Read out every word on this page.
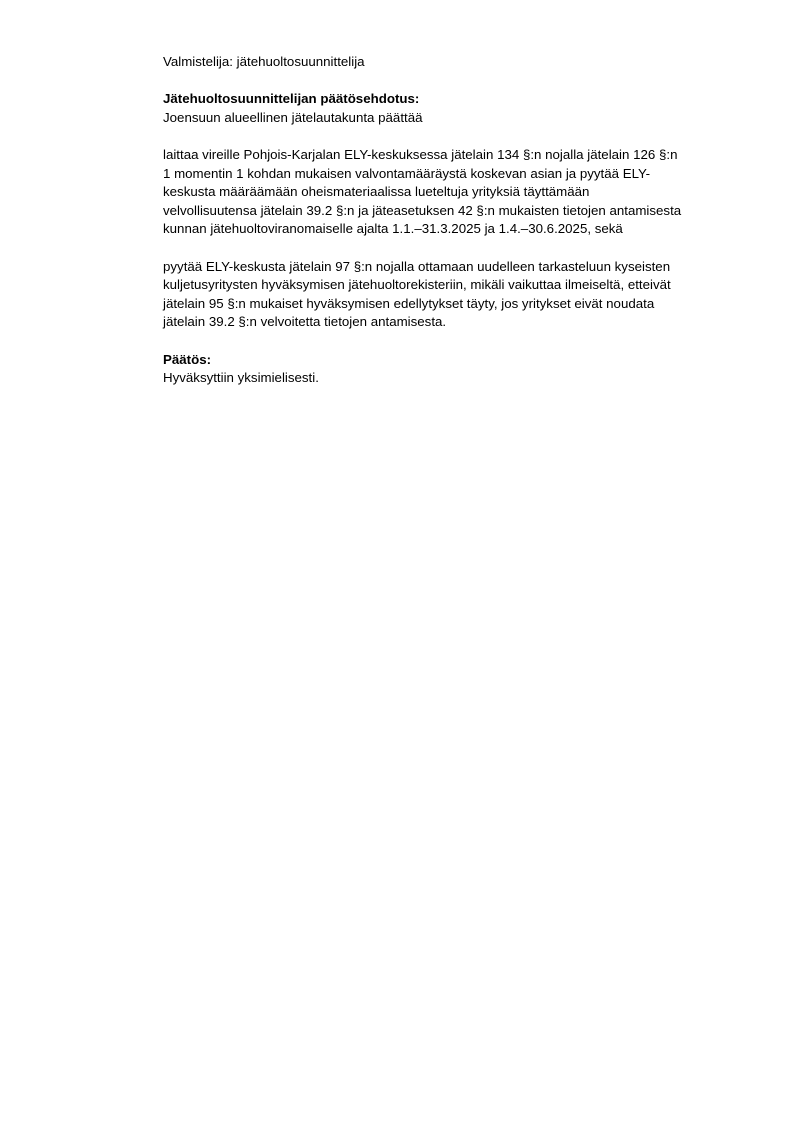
Valmistelija: jätehuoltosuunnittelija
Jätehuoltosuunnittelijan päätösehdotus:
Joensuun alueellinen jätelautakunta päättää
laittaa vireille Pohjois-Karjalan ELY-keskuksessa jätelain 134 §:n nojalla jätelain 126 §:n
1 momentin 1 kohdan mukaisen valvontamääräystä koskevan asian ja pyytää ELY-
keskusta määräämään oheismateriaalissa lueteltuja yrityksiä täyttämään
velvollisuutensa jätelain 39.2 §:n ja jäteasetuksen 42 §:n mukaisten tietojen antamisesta
kunnan jätehuoltoviranomaiselle ajalta 1.1.–31.3.2025 ja 1.4.–30.6.2025, sekä
pyytää ELY-keskusta jätelain 97 §:n nojalla ottamaan uudelleen tarkasteluun kyseisten
kuljetusyritysten hyväksymisen jätehuoltorekisteriin, mikäli vaikuttaa ilmeiseltä, etteivät
jätelain 95 §:n mukaiset hyväksymisen edellytykset täyty, jos yritykset eivät noudata
jätelain 39.2 §:n velvoitetta tietojen antamisesta.
Päätös:
Hyväksyttiin yksimielisesti.
